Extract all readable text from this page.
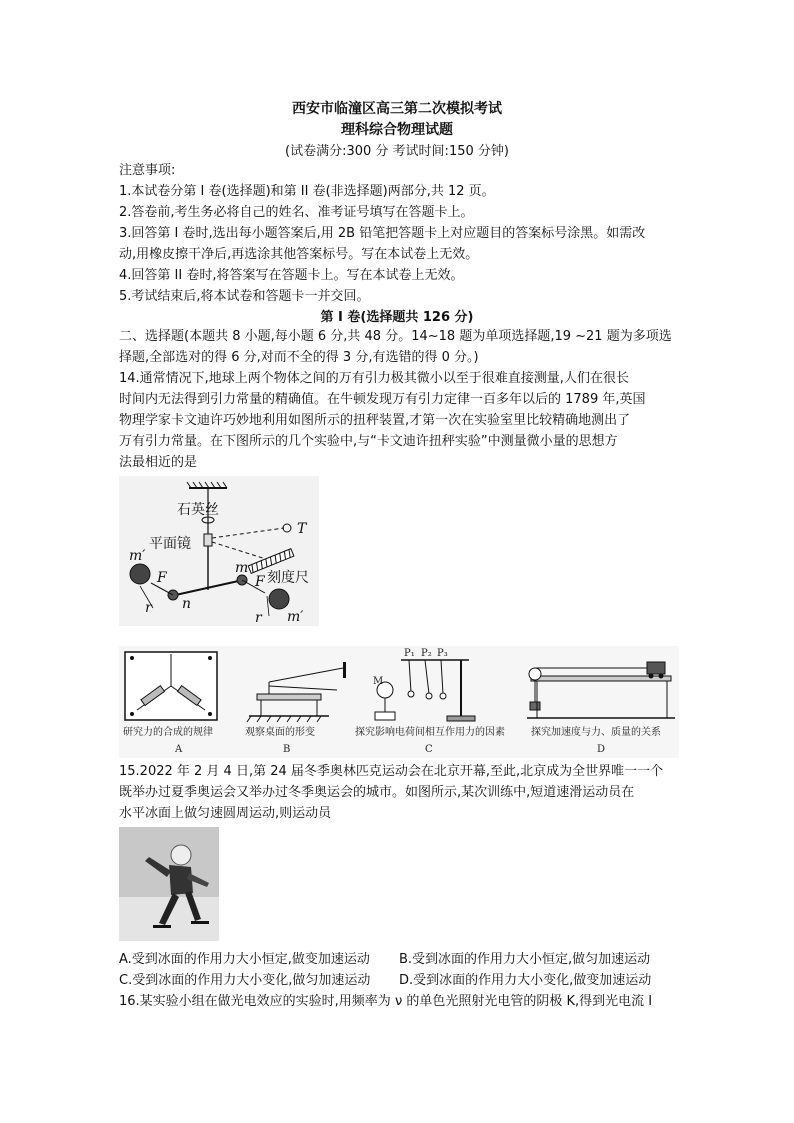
西安市临潼区高三第二次模拟考试
理科综合物理试题
(试卷满分:300 分 考试时间:150 分钟)
注意事项:
1.本试卷分第 I 卷(选择题)和第 II 卷(非选择题)两部分,共 12 页。
2.答卷前,考生务必将自己的姓名、准考证号填写在答题卡上。
3.回答第 I 卷时,选出每小题答案后,用 2B 铅笔把答题卡上对应题目的答案标号涂黑。如需改
动,用橡皮擦干净后,再选涂其他答案标号。写在本试卷上无效。
4.回答第 II 卷时,将答案写在答题卡上。写在本试卷上无效。
5.考试结束后,将本试卷和答题卡一并交回。
第 I 卷(选择题共 126 分)
二、选择题(本题共 8 小题,每小题 6 分,共 48 分。14~18 题为单项选择题,19 ~21 题为多项选
择题,全部选对的得 6 分,对而不全的得 3 分,有选错的得 0 分。)
14.通常情况下,地球上两个物体之间的万有引力极其微小以至于很难直接测量,人们在很长
时间内无法得到引力常量的精确值。在牛顿发现万有引力定律一百多年以后的 1789 年,英国
物理学家卡文迪许巧妙地利用如图所示的扭秤装置,才第一次在实验室里比较精确地测出了
万有引力常量。在下图所示的几个实验中,与“卡文迪许扭秤实验”中测量微小量的思想方
法最相近的是
石英丝
平面镜
刻度尺
T
m′
m′
m
F	F
n
r
r
M
P₁ P₂ P₃
研究力的合成的规律	观察桌面的形变	探究影响电荷间相互作用力的因素	探究加速度与力、质量的关系
A	B	C	D
15.2022 年 2 月 4 日,第 24 届冬季奥林匹克运动会在北京开幕,至此,北京成为全世界唯一一个
既举办过夏季奥运会又举办过冬季奥运会的城市。如图所示,某次训练中,短道速滑运动员在
水平冰面上做匀速圆周运动,则运动员
A.受到冰面的作用力大小恒定,做变加速运动	B.受到冰面的作用力大小恒定,做匀加速运动
C.受到冰面的作用力大小变化,做匀加速运动	D.受到冰面的作用力大小变化,做变加速运动
16.某实验小组在做光电效应的实验时,用频率为 ν 的单色光照射光电管的阴极 K,得到光电流 I
